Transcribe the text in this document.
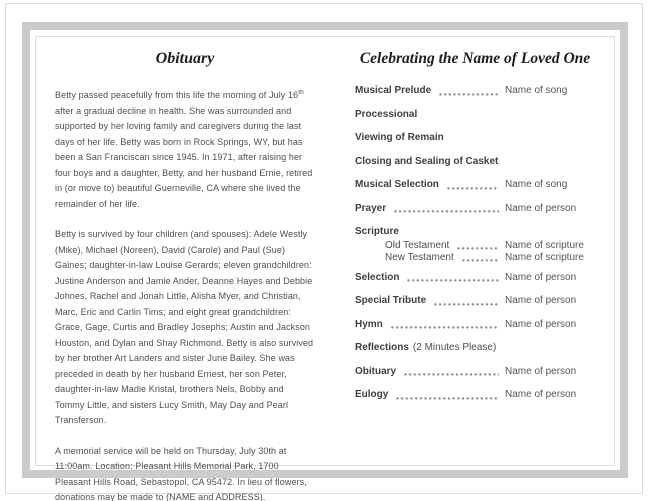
Obituary

Betty passed peacefully from this life the morning of July 16th after a gradual decline in health. She was surrounded and supported by her loving family and caregivers during the last days of her life. Betty was born in Rock Springs, WY, but has been a San Franciscan since 1945. In 1971, after raising her four boys and a daughter, Betty, and her husband Ernie, retired in (or move to) beautiful Guerneville, CA where she lived the remainder of her life.

Betty is survived by four children (and spouses): Adele Westly (Mike), Michael (Noreen), David (Carole) and Paul (Sue) Gaines; daughter-in-law Louise Gerards; eleven grandchildren: Justine Anderson and Jamie Ander, Deanne Hayes and Debbie Johnes, Rachel and Jonah Little, Alisha Myer, and Christian, Marc, Eric and Carlin Tims; and eight great grandchildren: Grace, Gage, Curtis and Bradley Josephs; Austin and Jackson Houston, and Dylan and Shay Richmond. Betty is also survived by her brother Art Landers and sister June Bailey. She was preceded in death by her husband Ernest, her son Peter, daughter-in-law Madie Kristal, brothers Nels, Bobby and Tommy Little, and sisters Lucy Smith, May Day and Pearl Transferson.

A memorial service will be held on Thursday, July 30th at 11:00am. Location: Pleasant Hills Memorial Park, 1700 Pleasant Hills Road, Sebastopol, CA 95472. In lieu of flowers, donations may be made to (NAME and ADDRESS).

Celebrating the Name of Loved One
Musical Prelude	Name of song
Processional
Viewing of Remain
Closing and Sealing of Casket
Musical Selection	Name of song
Prayer	Name of person
Scripture
Old Testament	Name of scripture
New Testament	Name of scripture
Selection	Name of person
Special Tribute	Name of person
Hymn	Name of person
Reflections (2 Minutes Please)
Obituary	Name of person
Eulogy	Name of person
